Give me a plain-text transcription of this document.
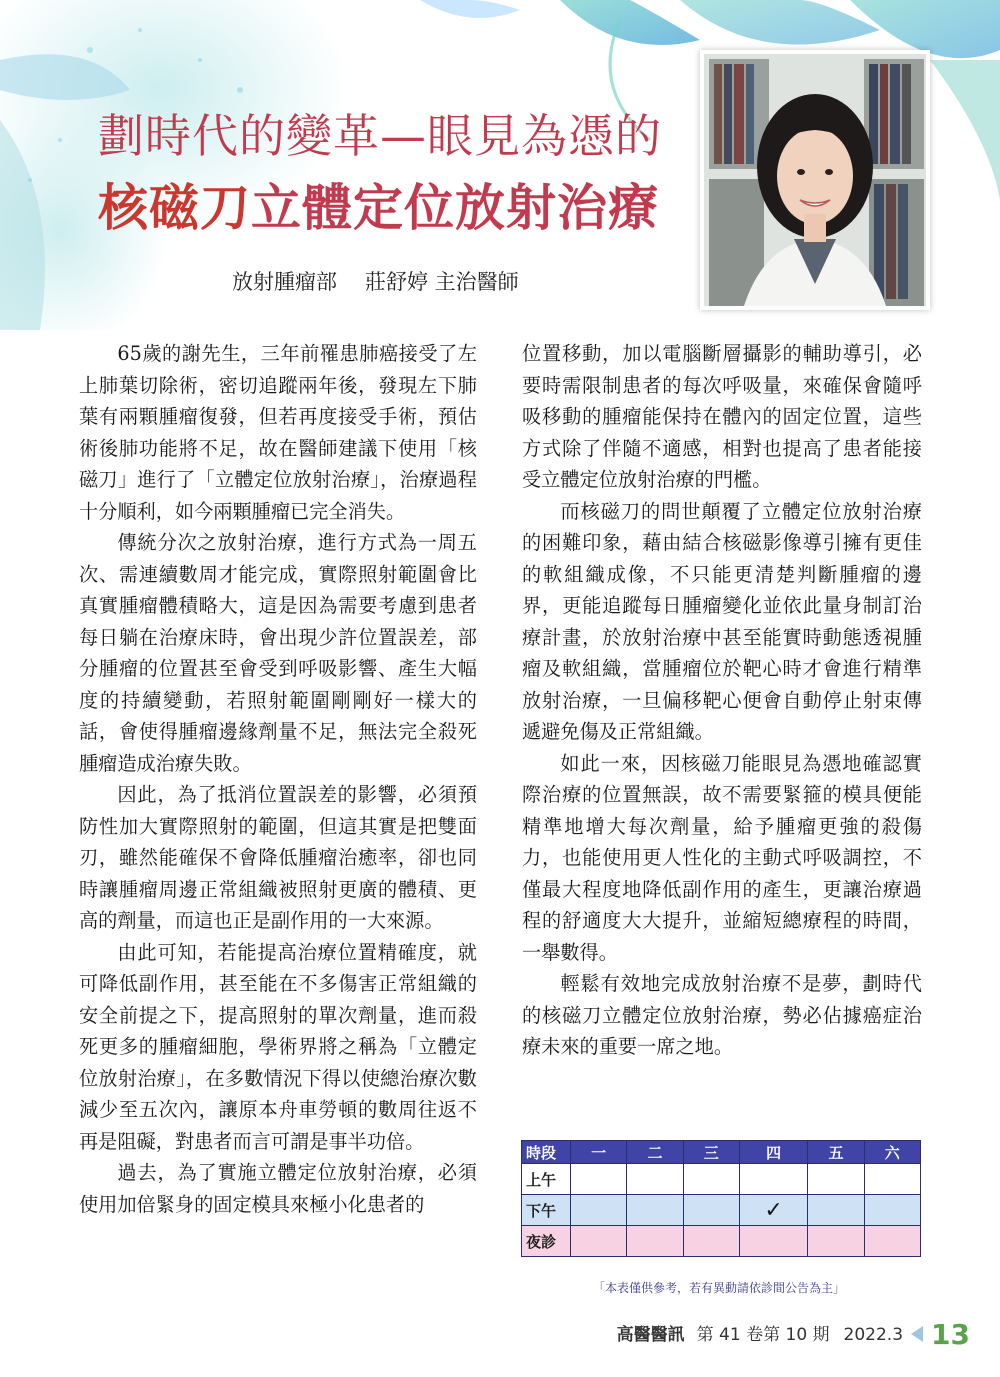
劃時代的變革—眼見為憑的
核磁刀立體定位放射治療
放射腫瘤部 莊舒婷 主治醫師

65歲的謝先生，三年前罹患肺癌接受了左上肺葉切除術，密切追蹤兩年後，發現左下肺葉有兩顆腫瘤復發，但若再度接受手術，預估術後肺功能將不足，故在醫師建議下使用「核磁刀」進行了「立體定位放射治療」，治療過程十分順利，如今兩顆腫瘤已完全消失。

傳統分次之放射治療，進行方式為一周五次、需連續數周才能完成，實際照射範圍會比真實腫瘤體積略大，這是因為需要考慮到患者每日躺在治療床時，會出現少許位置誤差，部分腫瘤的位置甚至會受到呼吸影響、產生大幅度的持續變動，若照射範圍剛剛好一樣大的話，會使得腫瘤邊緣劑量不足，無法完全殺死腫瘤造成治療失敗。

因此，為了抵消位置誤差的影響，必須預防性加大實際照射的範圍，但這其實是把雙面刃，雖然能確保不會降低腫瘤治癒率，卻也同時讓腫瘤周邊正常組織被照射更廣的體積、更高的劑量，而這也正是副作用的一大來源。

由此可知，若能提高治療位置精確度，就可降低副作用，甚至能在不多傷害正常組織的安全前提之下，提高照射的單次劑量，進而殺死更多的腫瘤細胞，學術界將之稱為「立體定位放射治療」，在多數情況下得以使總治療次數減少至五次內，讓原本舟車勞頓的數周往返不再是阻礙，對患者而言可謂是事半功倍。

過去，為了實施立體定位放射治療，必須使用加倍緊身的固定模具來極小化患者的

位置移動，加以電腦斷層攝影的輔助導引，必要時需限制患者的每次呼吸量，來確保會隨呼吸移動的腫瘤能保持在體內的固定位置，這些方式除了伴隨不適感，相對也提高了患者能接受立體定位放射治療的門檻。

而核磁刀的問世顛覆了立體定位放射治療的困難印象，藉由結合核磁影像導引擁有更佳的軟組織成像，不只能更清楚判斷腫瘤的邊界，更能追蹤每日腫瘤變化並依此量身制訂治療計畫，於放射治療中甚至能實時動態透視腫瘤及軟組織，當腫瘤位於靶心時才會進行精準放射治療，一旦偏移靶心便會自動停止射束傳遞避免傷及正常組織。

如此一來，因核磁刀能眼見為憑地確認實際治療的位置無誤，故不需要緊箍的模具便能精準地增大每次劑量，給予腫瘤更強的殺傷力，也能使用更人性化的主動式呼吸調控，不僅最大程度地降低副作用的產生，更讓治療過程的舒適度大大提升，並縮短總療程的時間，一舉數得。

輕鬆有效地完成放射治療不是夢，劃時代的核磁刀立體定位放射治療，勢必佔據癌症治療未來的重要一席之地。

時段	一	二	三	四	五	六
上午						
下午				✓		
夜診						
「本表僅供參考，若有異動請依診間公告為主」
高醫醫訊 第 41 卷第 10 期 2022.3 13
